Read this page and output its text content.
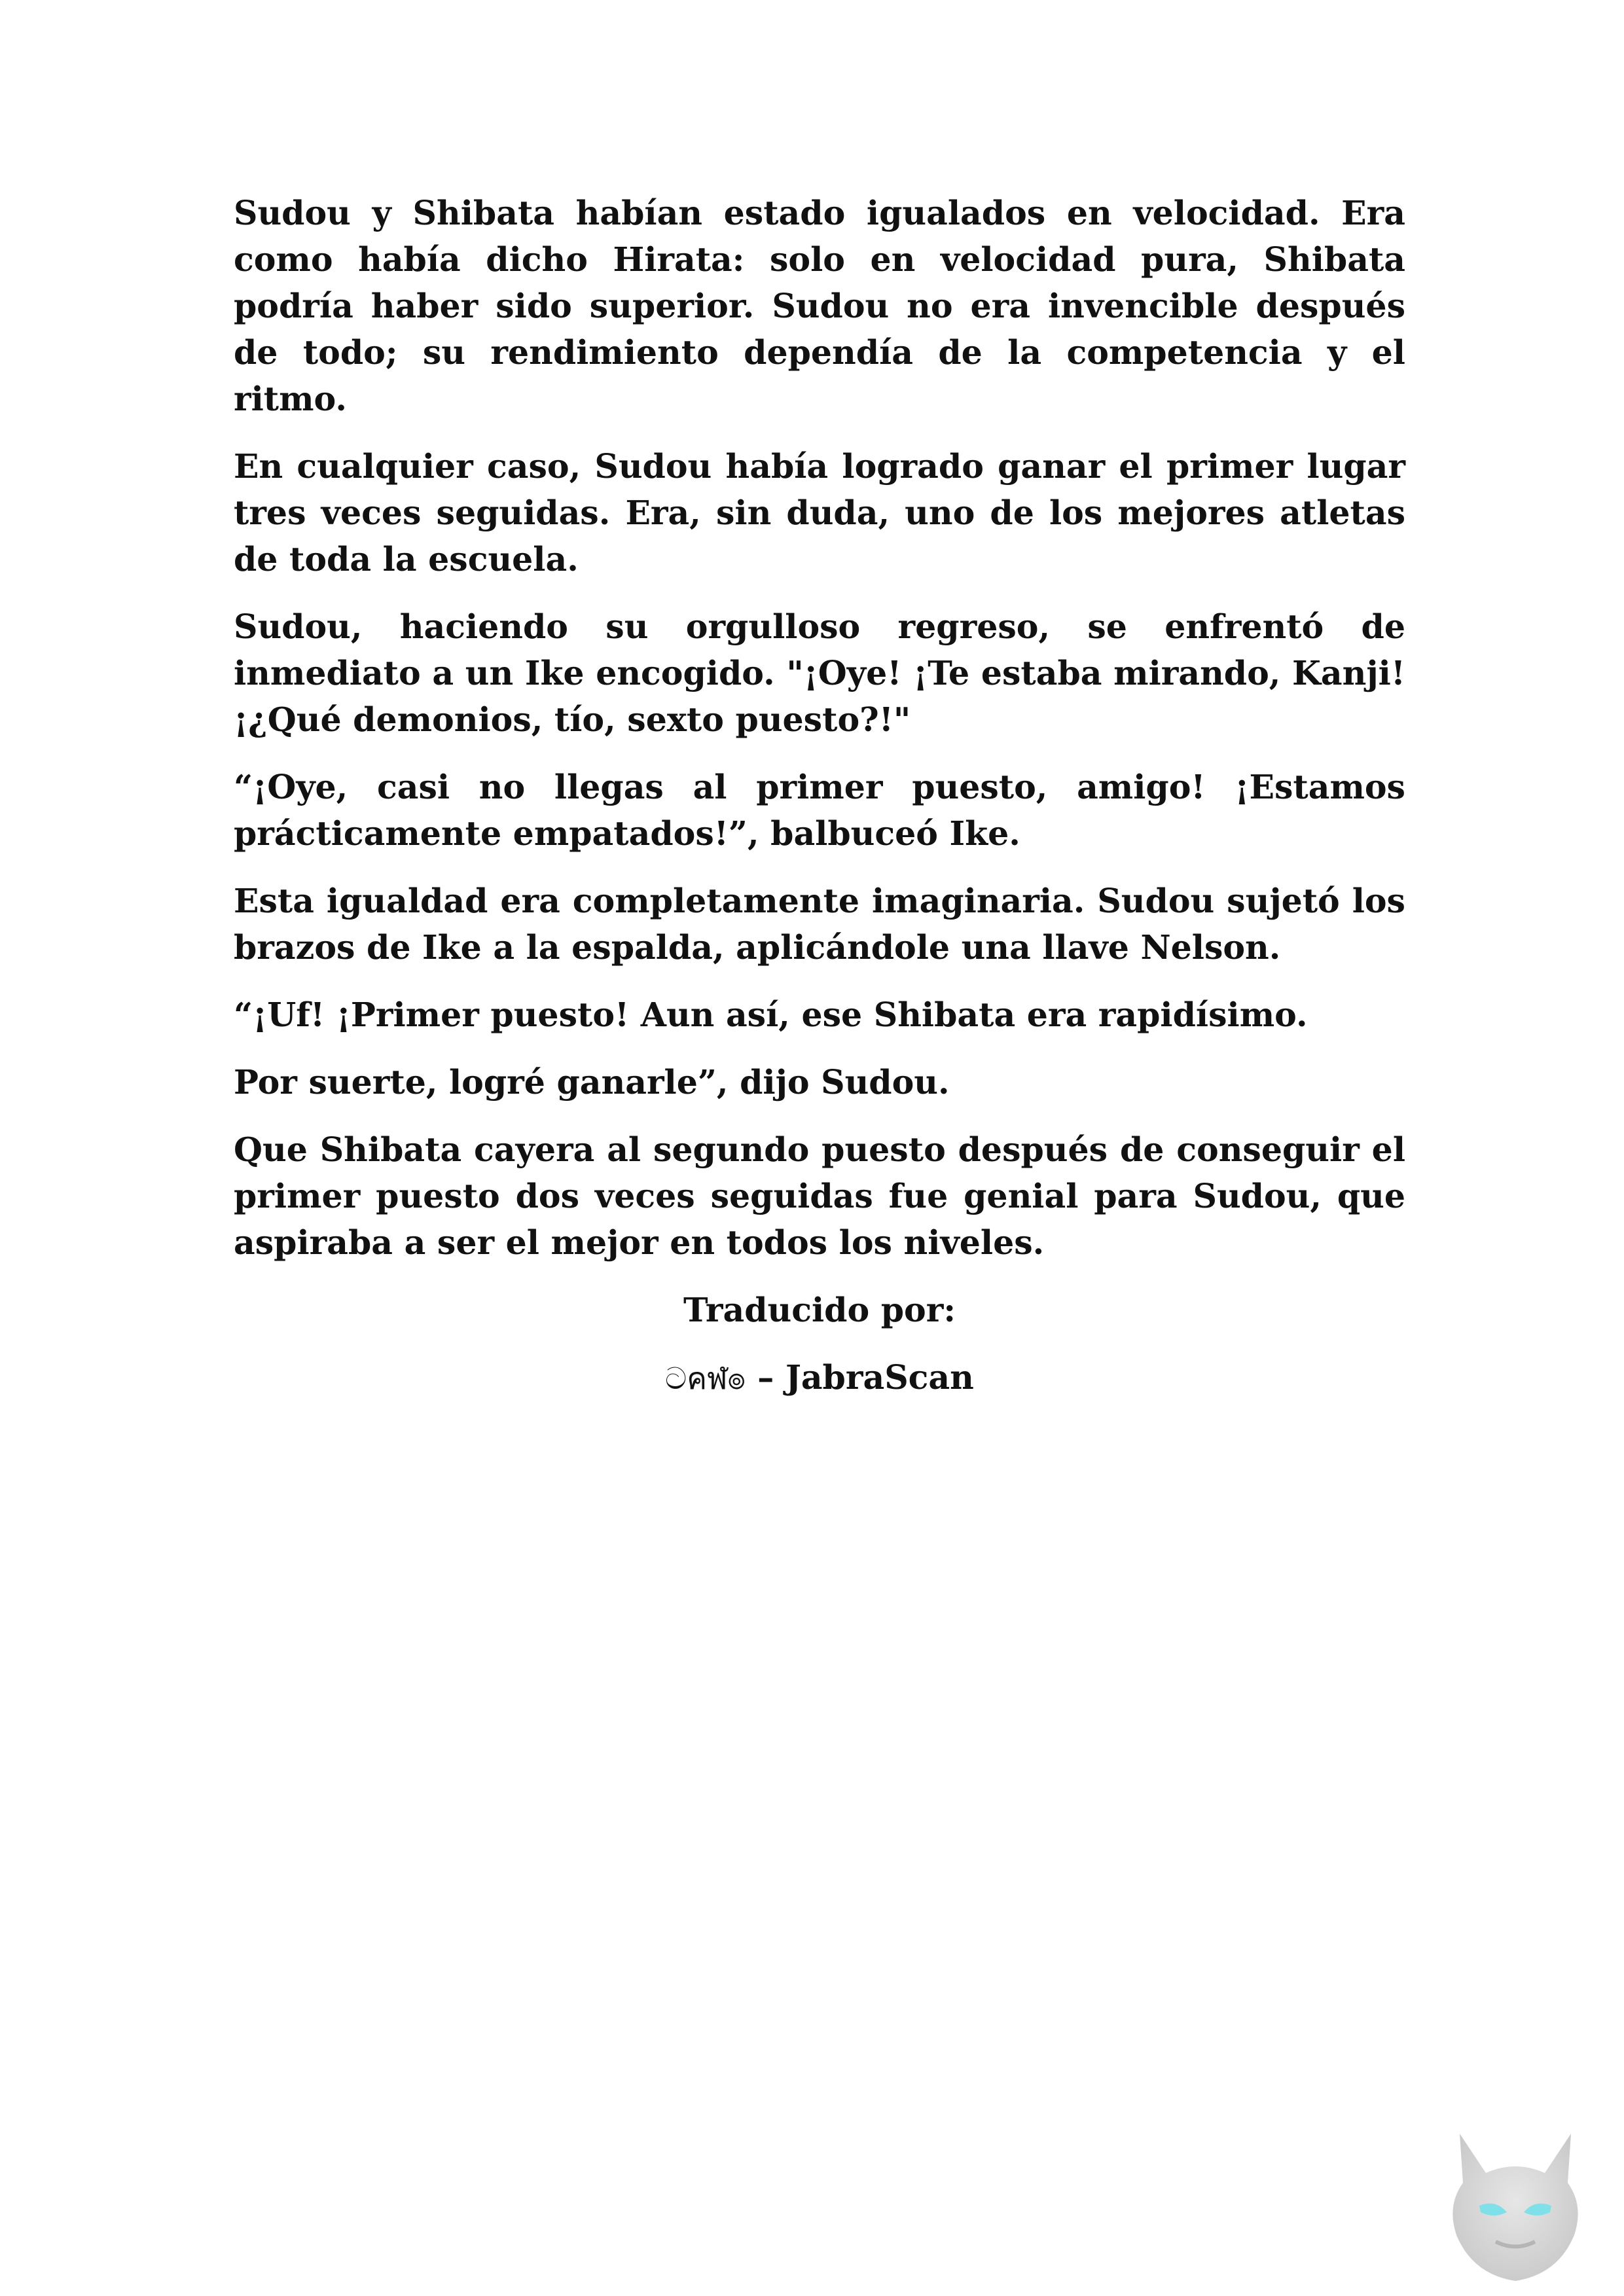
Sudou y Shibata habían estado igualados en velocidad. Era como había dicho Hirata: solo en velocidad pura, Shibata podría haber sido superior. Sudou no era invencible después de todo; su rendimiento dependía de la competencia y el ritmo.

En cualquier caso, Sudou había logrado ganar el primer lugar tres veces seguidas. Era, sin duda, uno de los mejores atletas de toda la escuela.

Sudou, haciendo su orgulloso regreso, se enfrentó de inmediato a un Ike encogido. "¡Oye! ¡Te estaba mirando, Kanji! ¡¿Qué demonios, tío, sexto puesto?!"

“¡Oye, casi no llegas al primer puesto, amigo! ¡Estamos prácticamente empatados!”, balbuceó Ike.

Esta igualdad era completamente imaginaria. Sudou sujetó los brazos de Ike a la espalda, aplicándole una llave Nelson.

“¡Uf! ¡Primer puesto! Aun así, ese Shibata era rapidísimo.

Por suerte, logré ganarle”, dijo Sudou.

Que Shibata cayera al segundo puesto después de conseguir el primer puesto dos veces seguidas fue genial para Sudou, que aspiraba a ser el mejor en todos los niveles.

Traducido por:

ටคฬ๏ – JabraScan
